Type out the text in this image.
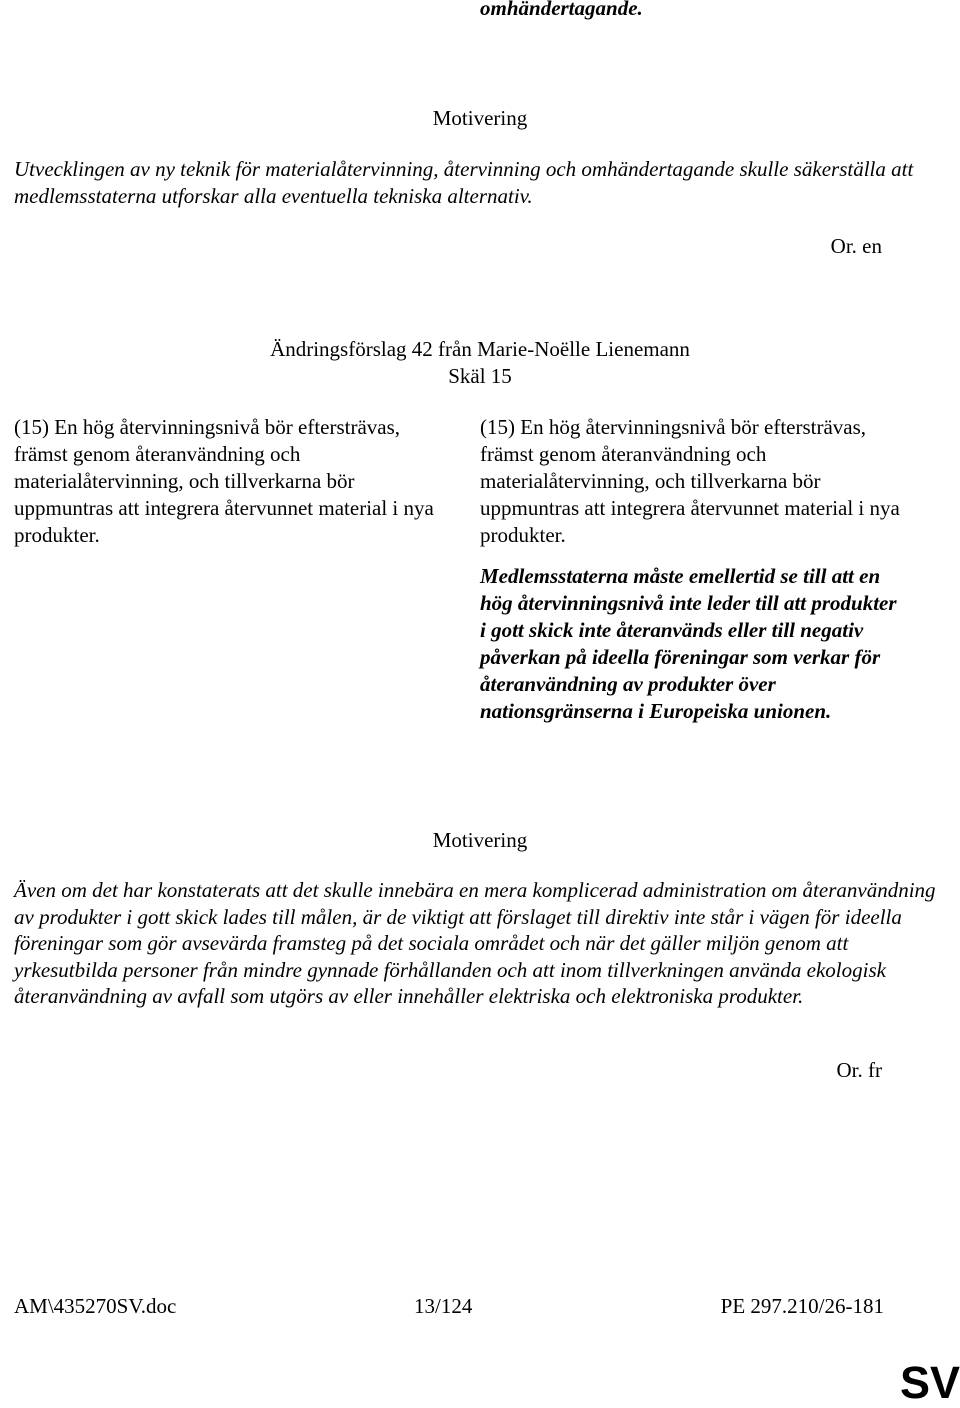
omhändertagande.
Motivering
Utvecklingen av ny teknik för materialåtervinning, återvinning och omhändertagande skulle säkerställa att medlemsstaterna utforskar alla eventuella tekniska alternativ.
Or. en
Ändringsförslag 42 från Marie-Noëlle Lienemann
Skäl 15
(15) En hög återvinningsnivå bör eftersträvas, främst genom återanvändning och materialåtervinning, och tillverkarna bör uppmuntras att integrera återvunnet material i nya produkter.

(15) En hög återvinningsnivå bör eftersträvas, främst genom återanvändning och materialåtervinning, och tillverkarna bör uppmuntras att integrera återvunnet material i nya produkter.

Medlemsstaterna måste emellertid se till att en hög återvinningsnivå inte leder till att produkter i gott skick inte återanvänds eller till negativ påverkan på ideella föreningar som verkar för återanvändning av produkter över nationsgränserna i Europeiska unionen.

Motivering
Även om det har konstaterats att det skulle innebära en mera komplicerad administration om återanvändning av produkter i gott skick lades till målen, är de viktigt att förslaget till direktiv inte står i vägen för ideella föreningar som gör avsevärda framsteg på det sociala området och när det gäller miljön genom att yrkesutbilda personer från mindre gynnade förhållanden och att inom tillverkningen använda ekologisk återanvändning av avfall som utgörs av eller innehåller elektriska och elektroniska produkter.
Or. fr
AM\435270SV.doc	13/124	PE 297.210/26-181
SV
